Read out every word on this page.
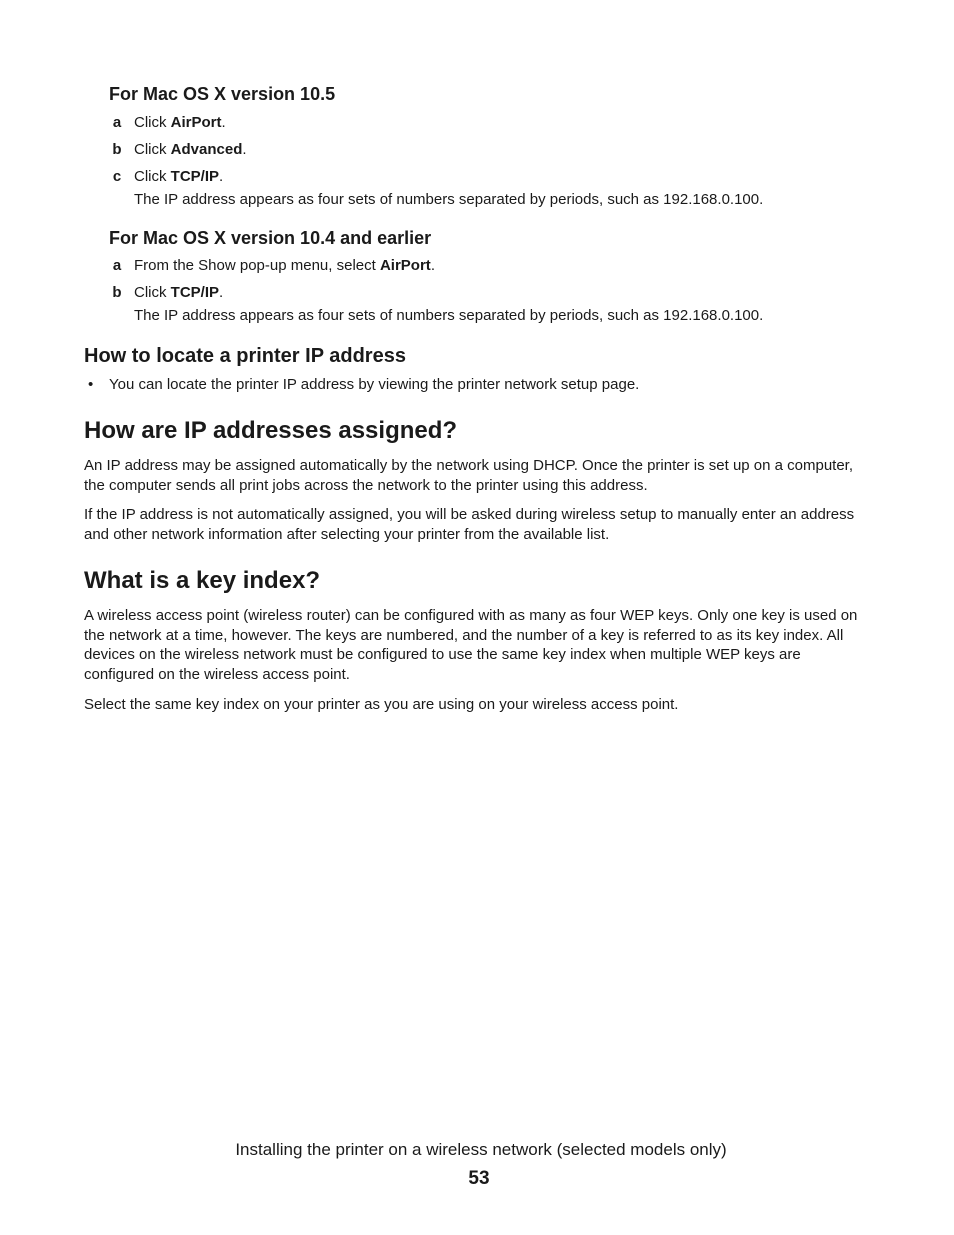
For Mac OS X version 10.5
a Click AirPort.
b Click Advanced.
c Click TCP/IP.
The IP address appears as four sets of numbers separated by periods, such as 192.168.0.100.
For Mac OS X version 10.4 and earlier
a From the Show pop-up menu, select AirPort.
b Click TCP/IP.
The IP address appears as four sets of numbers separated by periods, such as 192.168.0.100.
How to locate a printer IP address
• You can locate the printer IP address by viewing the printer network setup page.
How are IP addresses assigned?

An IP address may be assigned automatically by the network using DHCP. Once the printer is set up on a computer, the computer sends all print jobs across the network to the printer using this address.

If the IP address is not automatically assigned, you will be asked during wireless setup to manually enter an address and other network information after selecting your printer from the available list.

What is a key index?

A wireless access point (wireless router) can be configured with as many as four WEP keys. Only one key is used on the network at a time, however. The keys are numbered, and the number of a key is referred to as its key index. All devices on the wireless network must be configured to use the same key index when multiple WEP keys are configured on the wireless access point.

Select the same key index on your printer as you are using on your wireless access point.

Installing the printer on a wireless network (selected models only)
53
